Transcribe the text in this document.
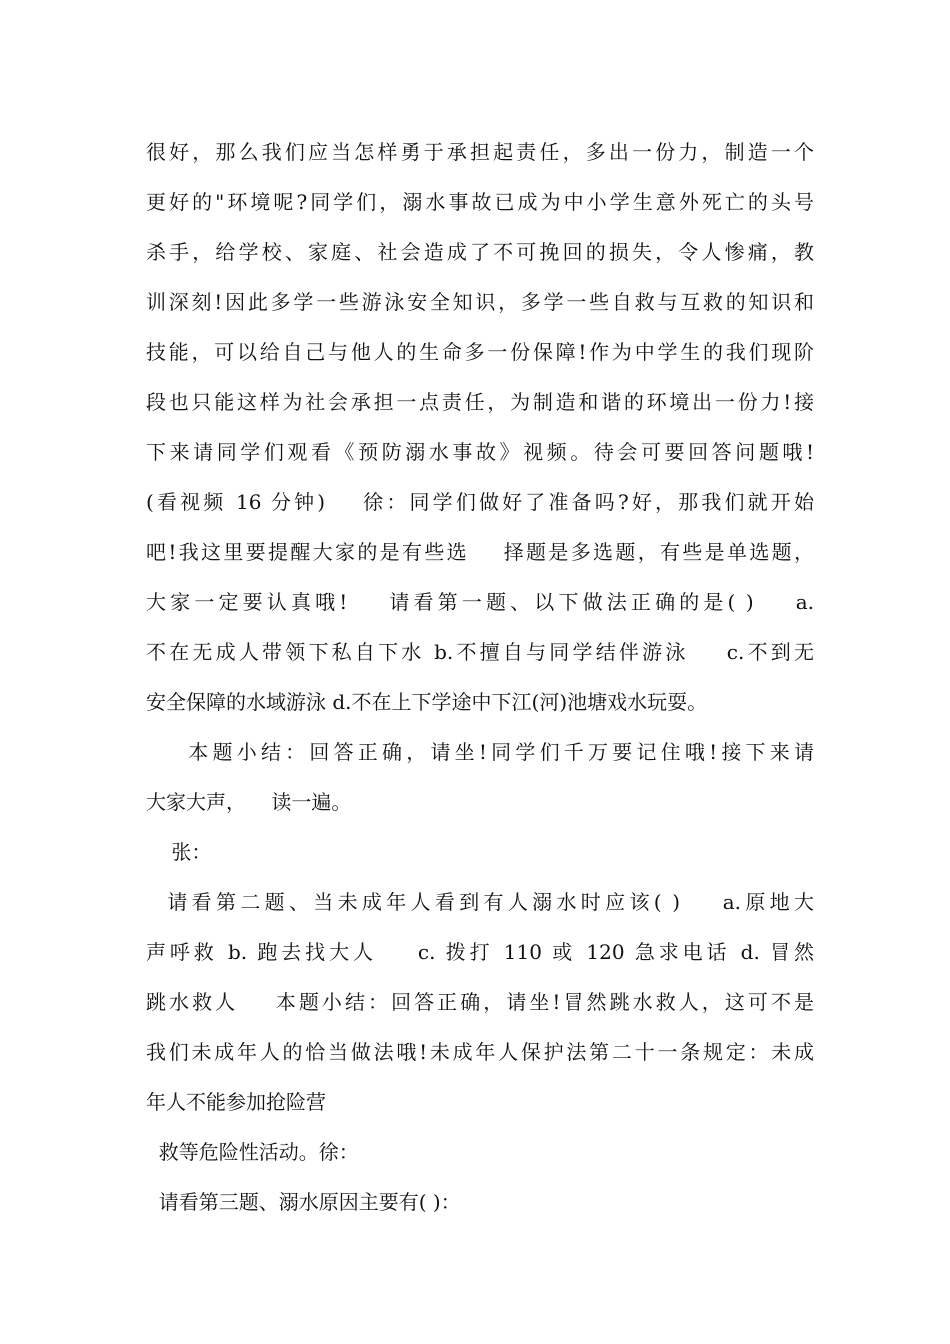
很好，那么我们应当怎样勇于承担起责任，多出一份力，制造一个
更好的"环境呢?同学们，溺水事故已成为中小学生意外死亡的头号
杀手，给学校、家庭、社会造成了不可挽回的损失，令人惨痛，教
训深刻!因此多学一些游泳安全知识，多学一些自救与互救的知识和
技能，可以给自己与他人的生命多一份保障!作为中学生的我们现阶
段也只能这样为社会承担一点责任，为制造和谐的环境出一份力!接
下来请同学们观看《预防溺水事故》视频。待会可要回答问题哦!
(看视频 16 分钟)    徐：同学们做好了准备吗?好，那我们就开始
吧!我这里要提醒大家的是有些选    择题是多选题，有些是单选题，
大家一定要认真哦!    请看第一题、以下做法正确的是( )    a.
不在无成人带领下私自下水 b.不擅自与同学结伴游泳    c.不到无
安全保障的水域游泳 d.不在上下学途中下江(河)池塘戏水玩耍。
本题小结：回答正确，请坐!同学们千万要记住哦!接下来请
大家大声，    读一遍。
张：
请看第二题、当未成年人看到有人溺水时应该( )    a.原地大
声呼救 b. 跑去找大人    c. 拨打 110 或 120 急求电话 d. 冒然
跳水救人    本题小结：回答正确，请坐!冒然跳水救人，这可不是
我们未成年人的恰当做法哦!未成年人保护法第二十一条规定：未成
年人不能参加抢险营
救等危险性活动。徐：
请看第三题、溺水原因主要有( )：
